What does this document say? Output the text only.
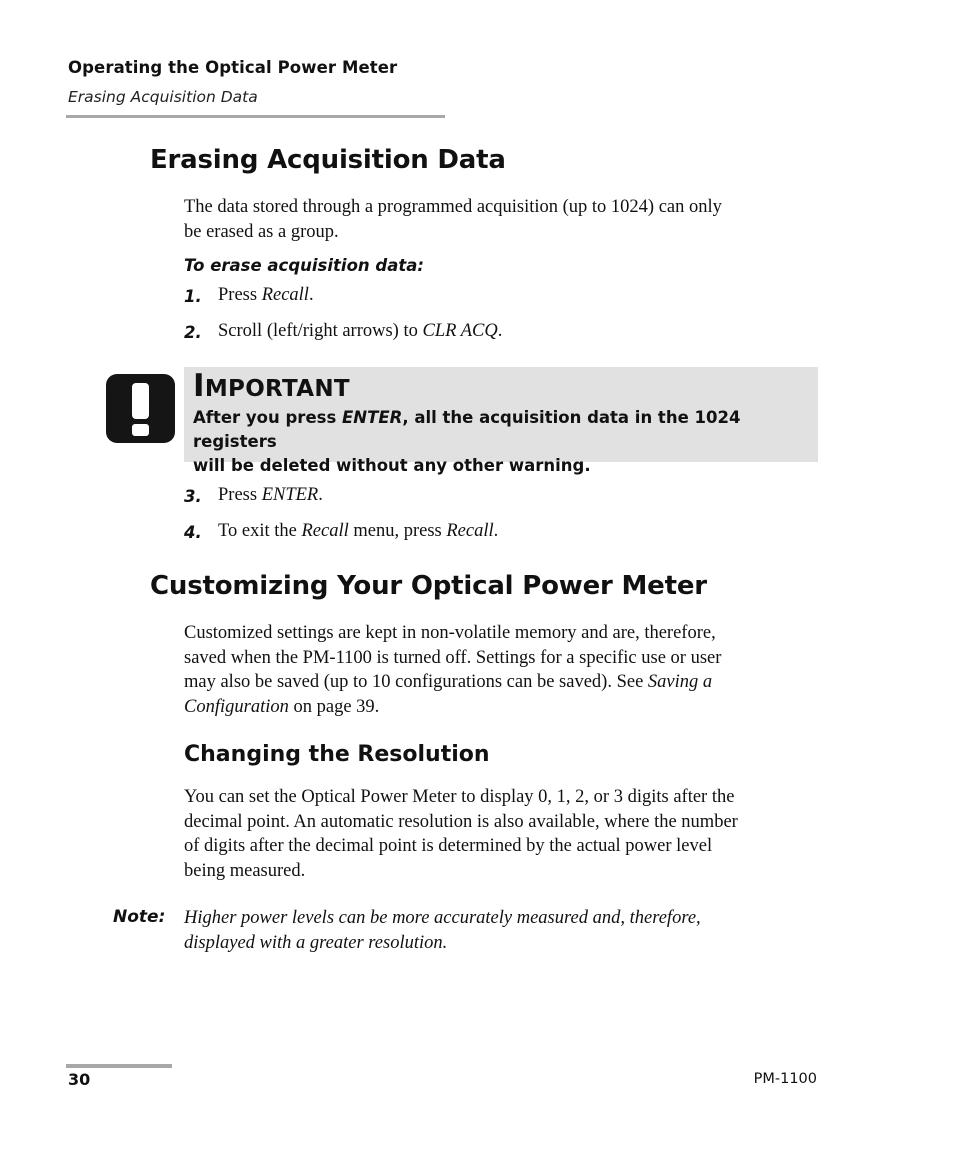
Operating the Optical Power Meter
Erasing Acquisition Data
Erasing Acquisition Data
The data stored through a programmed acquisition (up to 1024) can only
be erased as a group.
To erase acquisition data:
1. Press Recall.
2. Scroll (left/right arrows) to CLR ACQ.
IMPORTANT
After you press ENTER, all the acquisition data in the 1024 registers
will be deleted without any other warning.
3. Press ENTER.
4. To exit the Recall menu, press Recall.
Customizing Your Optical Power Meter
Customized settings are kept in non-volatile memory and are, therefore,
saved when the PM-1100 is turned off. Settings for a specific use or user
may also be saved (up to 10 configurations can be saved). See Saving a
Configuration on page 39.
Changing the Resolution
You can set the Optical Power Meter to display 0, 1, 2, or 3 digits after the
decimal point. An automatic resolution is also available, where the number
of digits after the decimal point is determined by the actual power level
being measured.
Note: Higher power levels can be more accurately measured and, therefore,
displayed with a greater resolution.
30	PM-1100
